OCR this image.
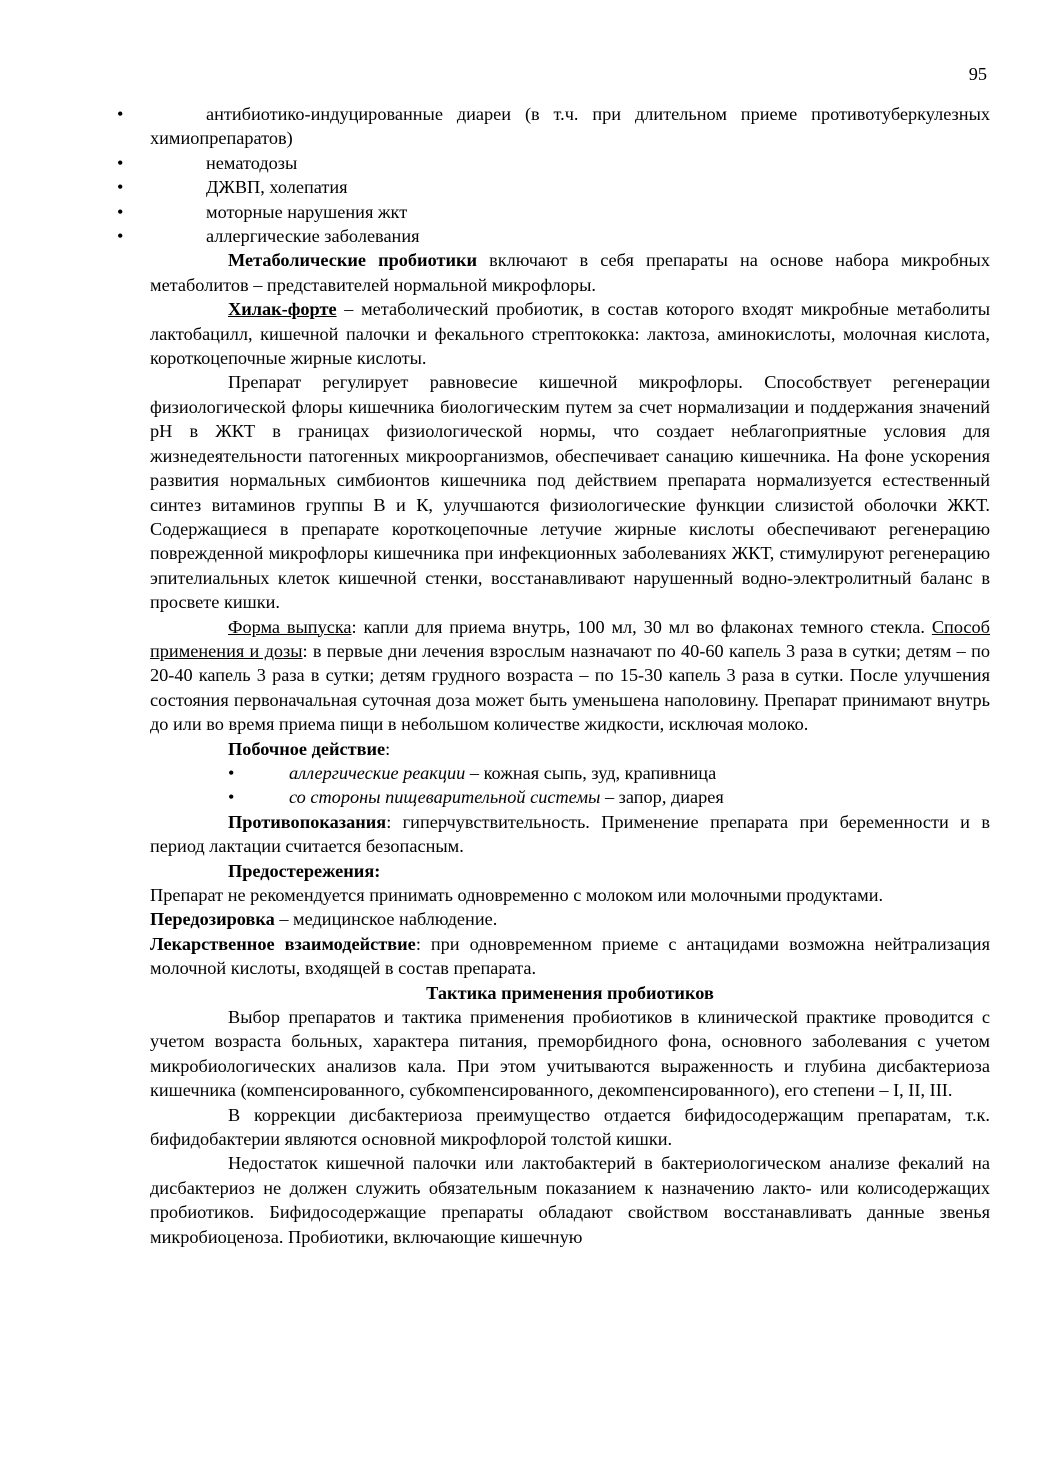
95
•	антибиотико-индуцированные диареи (в т.ч. при длительном приеме противотуберкулезных химиопрепаратов)
•	нематодозы
•	ДЖВП, холепатия
•	моторные нарушения жкт
•	аллергические заболевания

Метаболические пробиотики включают в себя препараты на основе набора микробных метаболитов – представителей нормальной микрофлоры.

Хилак-форте – метаболический пробиотик, в состав которого входят микробные метаболиты лактобацилл, кишечной палочки и фекального стрептококка: лактоза, аминокислоты, молочная кислота, короткоцепочные жирные кислоты.

Препарат регулирует равновесие кишечной микрофлоры. Способствует регенерации физиологической флоры кишечника биологическим путем за счет нормализации и поддержания значений рН в ЖКТ в границах физиологической нормы, что создает неблагоприятные условия для жизнедеятельности патогенных микроорганизмов, обеспечивает санацию кишечника. На фоне ускорения развития нормальных симбионтов кишечника под действием препарата нормализуется естественный синтез витаминов группы В и К, улучшаются физиологические функции слизистой оболочки ЖКТ. Содержащиеся в препарате короткоцепочные летучие жирные кислоты обеспечивают регенерацию поврежденной микрофлоры кишечника при инфекционных заболеваниях ЖКТ, стимулируют регенерацию эпителиальных клеток кишечной стенки, восстанавливают нарушенный водно-электролитный баланс в просвете кишки.

Форма выпуска: капли для приема внутрь, 100 мл, 30 мл во флаконах темного стекла. Способ применения и дозы: в первые дни лечения взрослым назначают по 40-60 капель 3 раза в сутки; детям – по 20-40 капель 3 раза в сутки; детям грудного возраста – по 15-30 капель 3 раза в сутки. После улучшения состояния первоначальная суточная доза может быть уменьшена наполовину. Препарат принимают внутрь до или во время приема пищи в небольшом количестве жидкости, исключая молоко.

Побочное действие:

•	аллергические реакции – кожная сыпь, зуд, крапивница
•	со стороны пищеварительной системы – запор, диарея

Противопоказания: гиперчувствительность. Применение препарата при беременности и в период лактации считается безопасным.

Предостережения:

Препарат не рекомендуется принимать одновременно с молоком или молочными продуктами.

Передозировка – медицинское наблюдение.

Лекарственное взаимодействие: при одновременном приеме с антацидами возможна нейтрализация молочной кислоты, входящей в состав препарата.

Тактика применения пробиотиков

Выбор препаратов и тактика применения пробиотиков в клинической практике проводится с учетом возраста больных, характера питания, преморбидного фона, основного заболевания с учетом микробиологических анализов кала. При этом учитываются выраженность и глубина дисбактериоза кишечника (компенсированного, субкомпенсированного, декомпенсированного), его степени – I, II, III.

В коррекции дисбактериоза преимущество отдается бифидосодержащим препаратам, т.к. бифидобактерии являются основной микрофлорой толстой кишки.

Недостаток кишечной палочки или лактобактерий в бактериологическом анализе фекалий на дисбактериоз не должен служить обязательным показанием к назначению лакто- или колисодержащих пробиотиков. Бифидосодержащие препараты обладают свойством восстанавливать данные звенья микробиоценоза. Пробиотики, включающие кишечную
